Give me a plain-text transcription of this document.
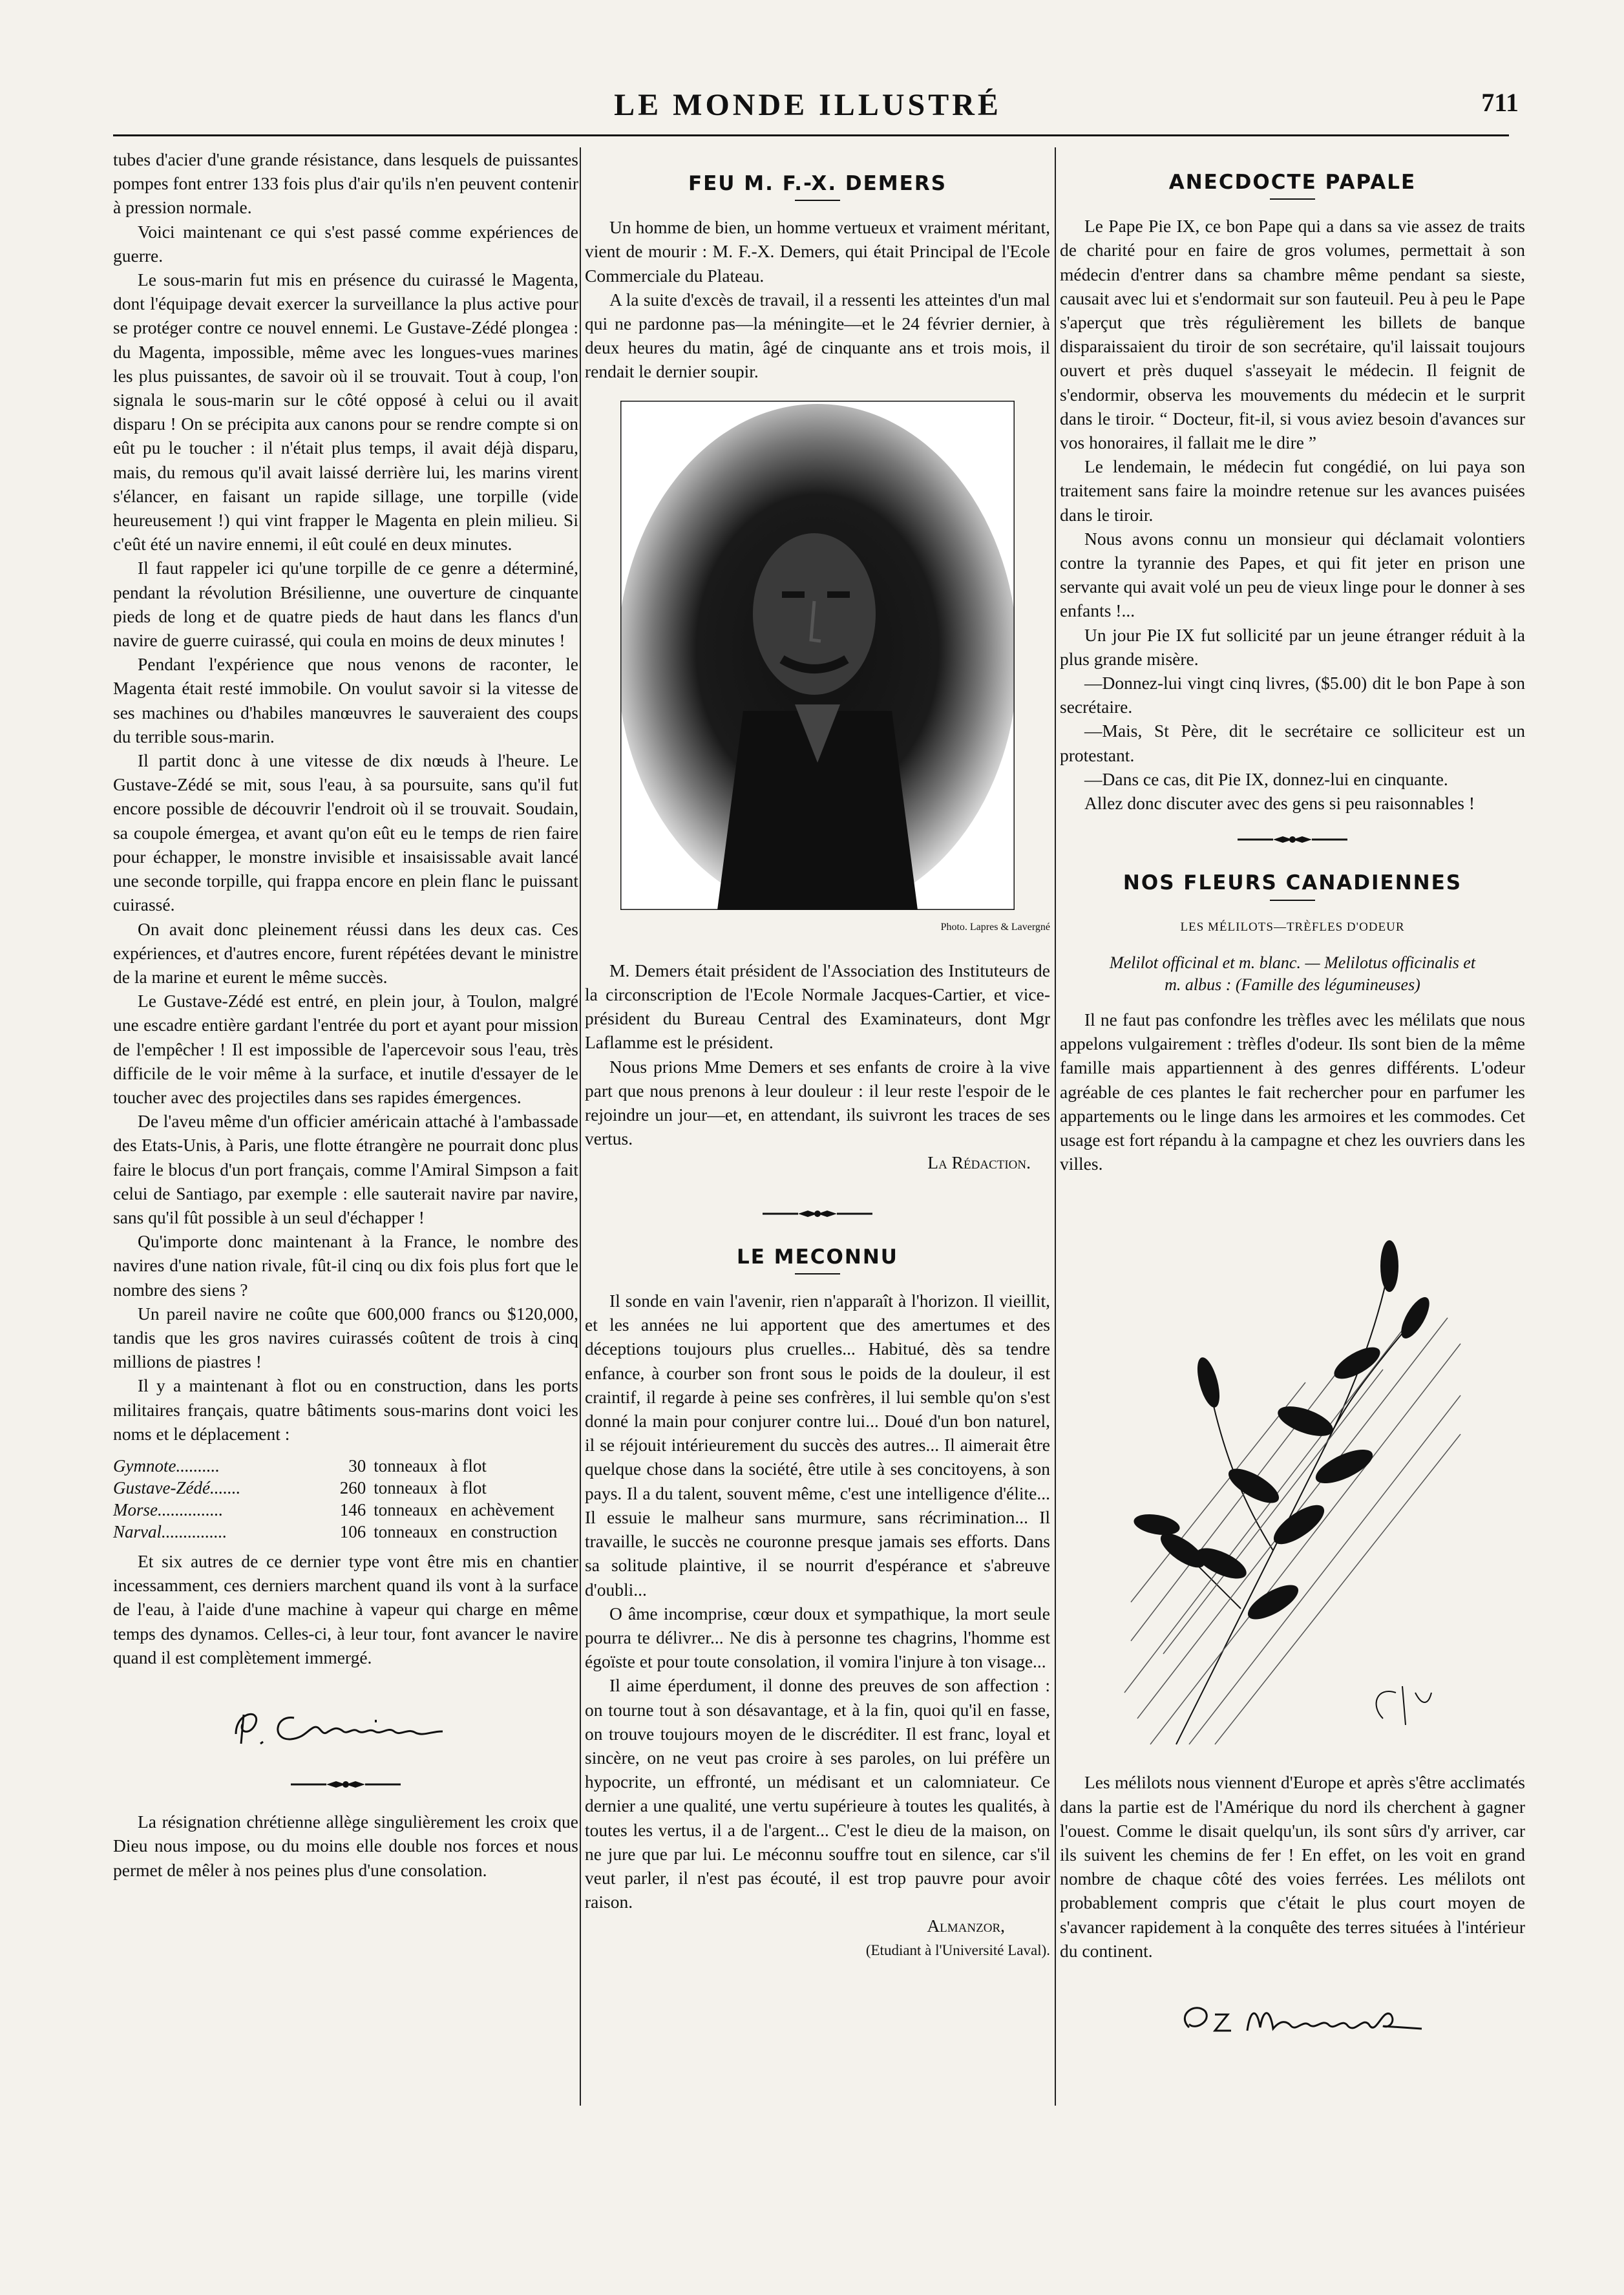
LE MONDE ILLUSTRÉ	711

tubes d'acier d'une grande résistance, dans lesquels de puissantes pompes font entrer 133 fois plus d'air qu'ils n'en peuvent contenir à pression normale.

Voici maintenant ce qui s'est passé comme expériences de guerre.

Le sous-marin fut mis en présence du cuirassé le Magenta, dont l'équipage devait exercer la surveillance la plus active pour se protéger contre ce nouvel ennemi. Le Gustave-Zédé plongea : du Magenta, impossible, même avec les longues-vues marines les plus puissantes, de savoir où il se trouvait. Tout à coup, l'on signala le sous-marin sur le côté opposé à celui ou il avait disparu ! On se précipita aux canons pour se rendre compte si on eût pu le toucher : il n'était plus temps, il avait déjà disparu, mais, du remous qu'il avait laissé derrière lui, les marins virent s'élancer, en faisant un rapide sillage, une torpille (vide heureusement !) qui vint frapper le Magenta en plein milieu. Si c'eût été un navire ennemi, il eût coulé en deux minutes.

Il faut rappeler ici qu'une torpille de ce genre a déterminé, pendant la révolution Brésilienne, une ouverture de cinquante pieds de long et de quatre pieds de haut dans les flancs d'un navire de guerre cuirassé, qui coula en moins de deux minutes !

Pendant l'expérience que nous venons de raconter, le Magenta était resté immobile. On voulut savoir si la vitesse de ses machines ou d'habiles manœuvres le sauveraient des coups du terrible sous-marin.

Il partit donc à une vitesse de dix nœuds à l'heure. Le Gustave-Zédé se mit, sous l'eau, à sa poursuite, sans qu'il fut encore possible de découvrir l'endroit où il se trouvait. Soudain, sa coupole émergea, et avant qu'on eût eu le temps de rien faire pour échapper, le monstre invisible et insaisissable avait lancé une seconde torpille, qui frappa encore en plein flanc le puissant cuirassé.

On avait donc pleinement réussi dans les deux cas. Ces expériences, et d'autres encore, furent répétées devant le ministre de la marine et eurent le même succès.

Le Gustave-Zédé est entré, en plein jour, à Toulon, malgré une escadre entière gardant l'entrée du port et ayant pour mission de l'empêcher ! Il est impossible de l'apercevoir sous l'eau, très difficile de le voir même à la surface, et inutile d'essayer de le toucher avec des projectiles dans ses rapides émergences.

De l'aveu même d'un officier américain attaché à l'ambassade des Etats-Unis, à Paris, une flotte étrangère ne pourrait donc plus faire le blocus d'un port français, comme l'Amiral Simpson a fait celui de Santiago, par exemple : elle sauterait navire par navire, sans qu'il fût possible à un seul d'échapper !

Qu'importe donc maintenant à la France, le nombre des navires d'une nation rivale, fût-il cinq ou dix fois plus fort que le nombre des siens ?

Un pareil navire ne coûte que 600,000 francs ou $120,000, tandis que les gros navires cuirassés coûtent de trois à cinq millions de piastres !

Il y a maintenant à flot ou en construction, dans les ports militaires français, quatre bâtiments sous-marins dont voici les noms et le déplacement :

Gymnote..........	30	tonneaux	à flot
Gustave-Zédé.......	260	tonneaux	à flot
Morse...............	146	tonneaux	en achèvement
Narval...............	106	tonneaux	en construction

Et six autres de ce dernier type vont être mis en chantier incessamment, ces derniers marchent quand ils vont à la surface de l'eau, à l'aide d'une machine à vapeur qui charge en même temps des dynamos. Celles-ci, à leur tour, font avancer le navire quand il est complètement immergé.

La résignation chrétienne allège singulièrement les croix que Dieu nous impose, ou du moins elle double nos forces et nous permet de mêler à nos peines plus d'une consolation.

FEU M. F.-X. DEMERS

Un homme de bien, un homme vertueux et vraiment méritant, vient de mourir : M. F.-X. Demers, qui était Principal de l'Ecole Commerciale du Plateau.

A la suite d'excès de travail, il a ressenti les atteintes d'un mal qui ne pardonne pas—la méningite—et le 24 février dernier, à deux heures du matin, âgé de cinquante ans et trois mois, il rendait le dernier soupir.

Photo. Lapres & Lavergné

M. Demers était président de l'Association des Instituteurs de la circonscription de l'Ecole Normale Jacques-Cartier, et vice-président du Bureau Central des Examinateurs, dont Mgr Laflamme est le président.

Nous prions Mme Demers et ses enfants de croire à la vive part que nous prenons à leur douleur : il leur reste l'espoir de le rejoindre un jour—et, en attendant, ils suivront les traces de ses vertus.

La Rédaction.
LE MECONNU

Il sonde en vain l'avenir, rien n'apparaît à l'horizon. Il vieillit, et les années ne lui apportent que des amertumes et des déceptions toujours plus cruelles... Habitué, dès sa tendre enfance, à courber son front sous le poids de la douleur, il est craintif, il regarde à peine ses confrères, il lui semble qu'on s'est donné la main pour conjurer contre lui... Doué d'un bon naturel, il se réjouit intérieurement du succès des autres... Il aimerait être quelque chose dans la société, être utile à ses concitoyens, à son pays. Il a du talent, souvent même, c'est une intelligence d'élite... Il essuie le malheur sans murmure, sans récrimination... Il travaille, le succès ne couronne presque jamais ses efforts. Dans sa solitude plaintive, il se nourrit d'espérance et s'abreuve d'oubli...

O âme incomprise, cœur doux et sympathique, la mort seule pourra te délivrer... Ne dis à personne tes chagrins, l'homme est égoïste et pour toute consolation, il vomira l'injure à ton visage...

Il aime éperdument, il donne des preuves de son affection : on tourne tout à son désavantage, et à la fin, quoi qu'il en fasse, on trouve toujours moyen de le discréditer. Il est franc, loyal et sincère, on ne veut pas croire à ses paroles, on lui préfère un hypocrite, un effronté, un médisant et un calomniateur. Ce dernier a une qualité, une vertu supérieure à toutes les qualités, à toutes les vertus, il a de l'argent... C'est le dieu de la maison, on ne jure que par lui. Le méconnu souffre tout en silence, car s'il veut parler, il n'est pas écouté, il est trop pauvre pour avoir raison.

Almanzor,
(Etudiant à l'Université Laval).
ANECDOCTE PAPALE

Le Pape Pie IX, ce bon Pape qui a dans sa vie assez de traits de charité pour en faire de gros volumes, permettait à son médecin d'entrer dans sa chambre même pendant sa sieste, causait avec lui et s'endormait sur son fauteuil. Peu à peu le Pape s'aperçut que très régulièrement les billets de banque disparaissaient du tiroir de son secrétaire, qu'il laissait toujours ouvert et près duquel s'asseyait le médecin. Il feignit de s'endormir, observa les mouvements du médecin et le surprit dans le tiroir. “ Docteur, fit-il, si vous aviez besoin d'avances sur vos honoraires, il fallait me le dire ”

Le lendemain, le médecin fut congédié, on lui paya son traitement sans faire la moindre retenue sur les avances puisées dans le tiroir.

Nous avons connu un monsieur qui déclamait volontiers contre la tyrannie des Papes, et qui fit jeter en prison une servante qui avait volé un peu de vieux linge pour le donner à ses enfants !...

Un jour Pie IX fut sollicité par un jeune étranger réduit à la plus grande misère.

—Donnez-lui vingt cinq livres, ($5.00) dit le bon Pape à son secrétaire.

—Mais, St Père, dit le secrétaire ce solliciteur est un protestant.

—Dans ce cas, dit Pie IX, donnez-lui en cinquante.

Allez donc discuter avec des gens si peu raisonnables !

NOS FLEURS CANADIENNES
LES MÉLILOTS—TRÈFLES D'ODEUR
Melilot officinal et m. blanc. — Melilotus officinalis et
m. albus : (Famille des légumineuses)

Il ne faut pas confondre les trèfles avec les mélilats que nous appelons vulgairement : trèfles d'odeur. Ils sont bien de la même famille mais appartiennent à des genres différents. L'odeur agréable de ces plantes le fait rechercher pour en parfumer les appartements ou le linge dans les armoires et les commodes. Cet usage est fort répandu à la campagne et chez les ouvriers dans les villes.

Les mélilots nous viennent d'Europe et après s'être acclimatés dans la partie est de l'Amérique du nord ils cherchent à gagner l'ouest. Comme le disait quelqu'un, ils sont sûrs d'y arriver, car ils suivent les chemins de fer ! En effet, on les voit en grand nombre de chaque côté des voies ferrées. Les mélilots ont probablement compris que c'était le plus court moyen de s'avancer rapidement à la conquête des terres situées à l'intérieur du continent.
